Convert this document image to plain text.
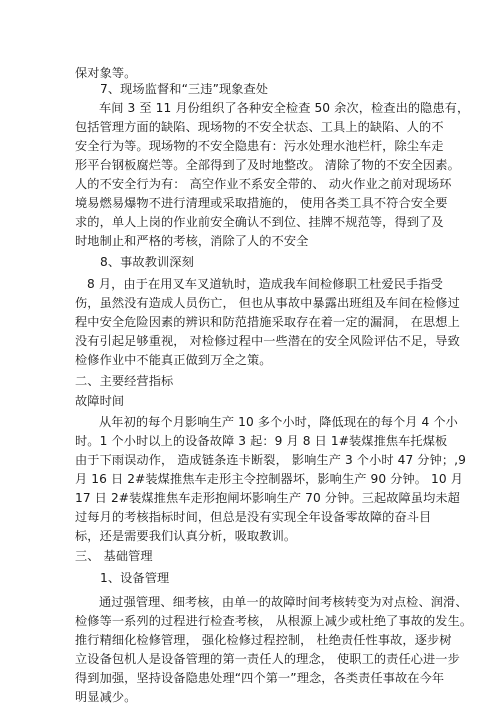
保对象等。
7、现场监督和“三违”现象查处
车间 3 至 11 月份组织了各种安全检查 50 余次，检查出的隐患有，
包括管理方面的缺陷、现场物的不安全状态、工具上的缺陷、人的不
安全行为等。现场物的不安全隐患有：污水处理水池栏杆，除尘车走
形平台钢板腐烂等。全部得到了及时地整改。 清除了物的不安全因素。
人的不安全行为有： 高空作业不系安全带的、 动火作业之前对现场环
境易燃易爆物不进行清理或采取措施的， 使用各类工具不符合安全要
求的，单人上岗的作业前安全确认不到位、挂牌不规范等，得到了及
时地制止和严格的考核，消除了人的不安全
8、事故教训深刻
8 月，由于在用叉车叉道轨时，造成我车间检修职工杜爱民手指受
伤，虽然没有造成人员伤亡， 但也从事故中暴露出班组及车间在检修过
程中安全危险因素的辨识和防范措施采取存在着一定的漏洞， 在思想上
没有引起足够重视， 对检修过程中一些潜在的安全风险评估不足，导致
检修作业中不能真正做到万全之策。
二、主要经营指标
故障时间
从年初的每个月影响生产 10 多个小时，降低现在的每个月 4 个小
时。1 个小时以上的设备故障 3 起：9 月 8 日 1#装煤推焦车托煤板
由于下雨误动作， 造成链条连卡断裂， 影响生产 3 个小时 47 分钟；,9
月 16 日 2#装煤推焦车走形主令控制器坏，影响生产 90 分钟。 10 月
17 日 2#装煤推焦车走形抱闸坏影响生产 70 分钟。三起故障虽均未超
过每月的考核指标时间，但总是没有实现全年设备零故障的奋斗目
标，还是需要我们认真分析，吸取教训。
三、 基础管理
1、设备管理
通过强管理、细考核，由单一的故障时间考核转变为对点检、润滑、
检修等一系列的过程进行检查考核， 从根源上减少或杜绝了事故的发生。
推行精细化检修管理， 强化检修过程控制， 杜绝责任性事故，逐步树
立设备包机人是设备管理的第一责任人的理念， 使职工的责任心进一步
得到加强，坚持设备隐患处理“四个第一”理念，各类责任事故在今年
明显减少。
